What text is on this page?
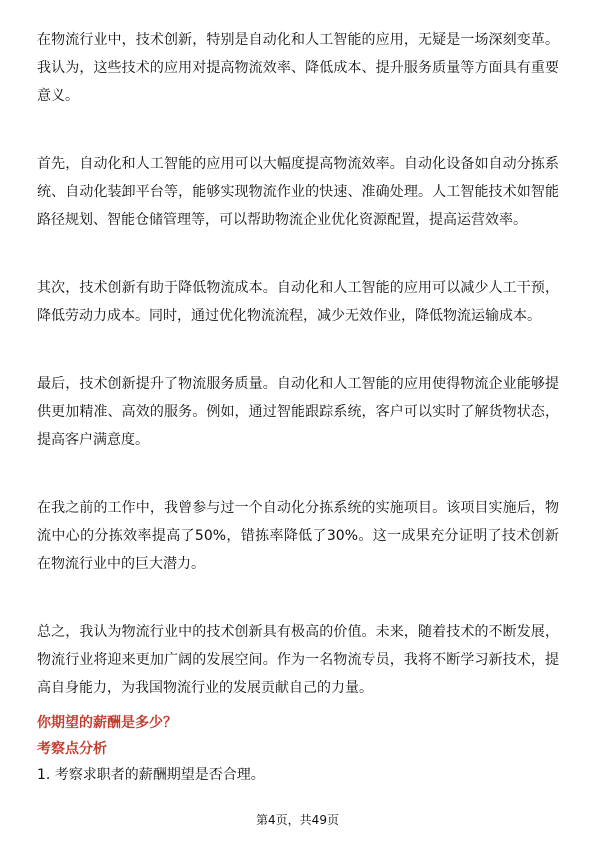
在物流行业中，技术创新，特别是自动化和人工智能的应用，无疑是一场深刻变革。我认为，这些技术的应用对提高物流效率、降低成本、提升服务质量等方面具有重要意义。

首先，自动化和人工智能的应用可以大幅度提高物流效率。自动化设备如自动分拣系统、自动化装卸平台等，能够实现物流作业的快速、准确处理。人工智能技术如智能路径规划、智能仓储管理等，可以帮助物流企业优化资源配置，提高运营效率。

其次，技术创新有助于降低物流成本。自动化和人工智能的应用可以减少人工干预，降低劳动力成本。同时，通过优化物流流程，减少无效作业，降低物流运输成本。

最后，技术创新提升了物流服务质量。自动化和人工智能的应用使得物流企业能够提供更加精准、高效的服务。例如，通过智能跟踪系统，客户可以实时了解货物状态，提高客户满意度。

在我之前的工作中，我曾参与过一个自动化分拣系统的实施项目。该项目实施后，物流中心的分拣效率提高了50%，错拣率降低了30%。这一成果充分证明了技术创新在物流行业中的巨大潜力。

总之，我认为物流行业中的技术创新具有极高的价值。未来，随着技术的不断发展，物流行业将迎来更加广阔的发展空间。作为一名物流专员，我将不断学习新技术，提高自身能力，为我国物流行业的发展贡献自己的力量。

你期望的薪酬是多少？

考察点分析

1. 考察求职者的薪酬期望是否合理。

第4页，共49页
